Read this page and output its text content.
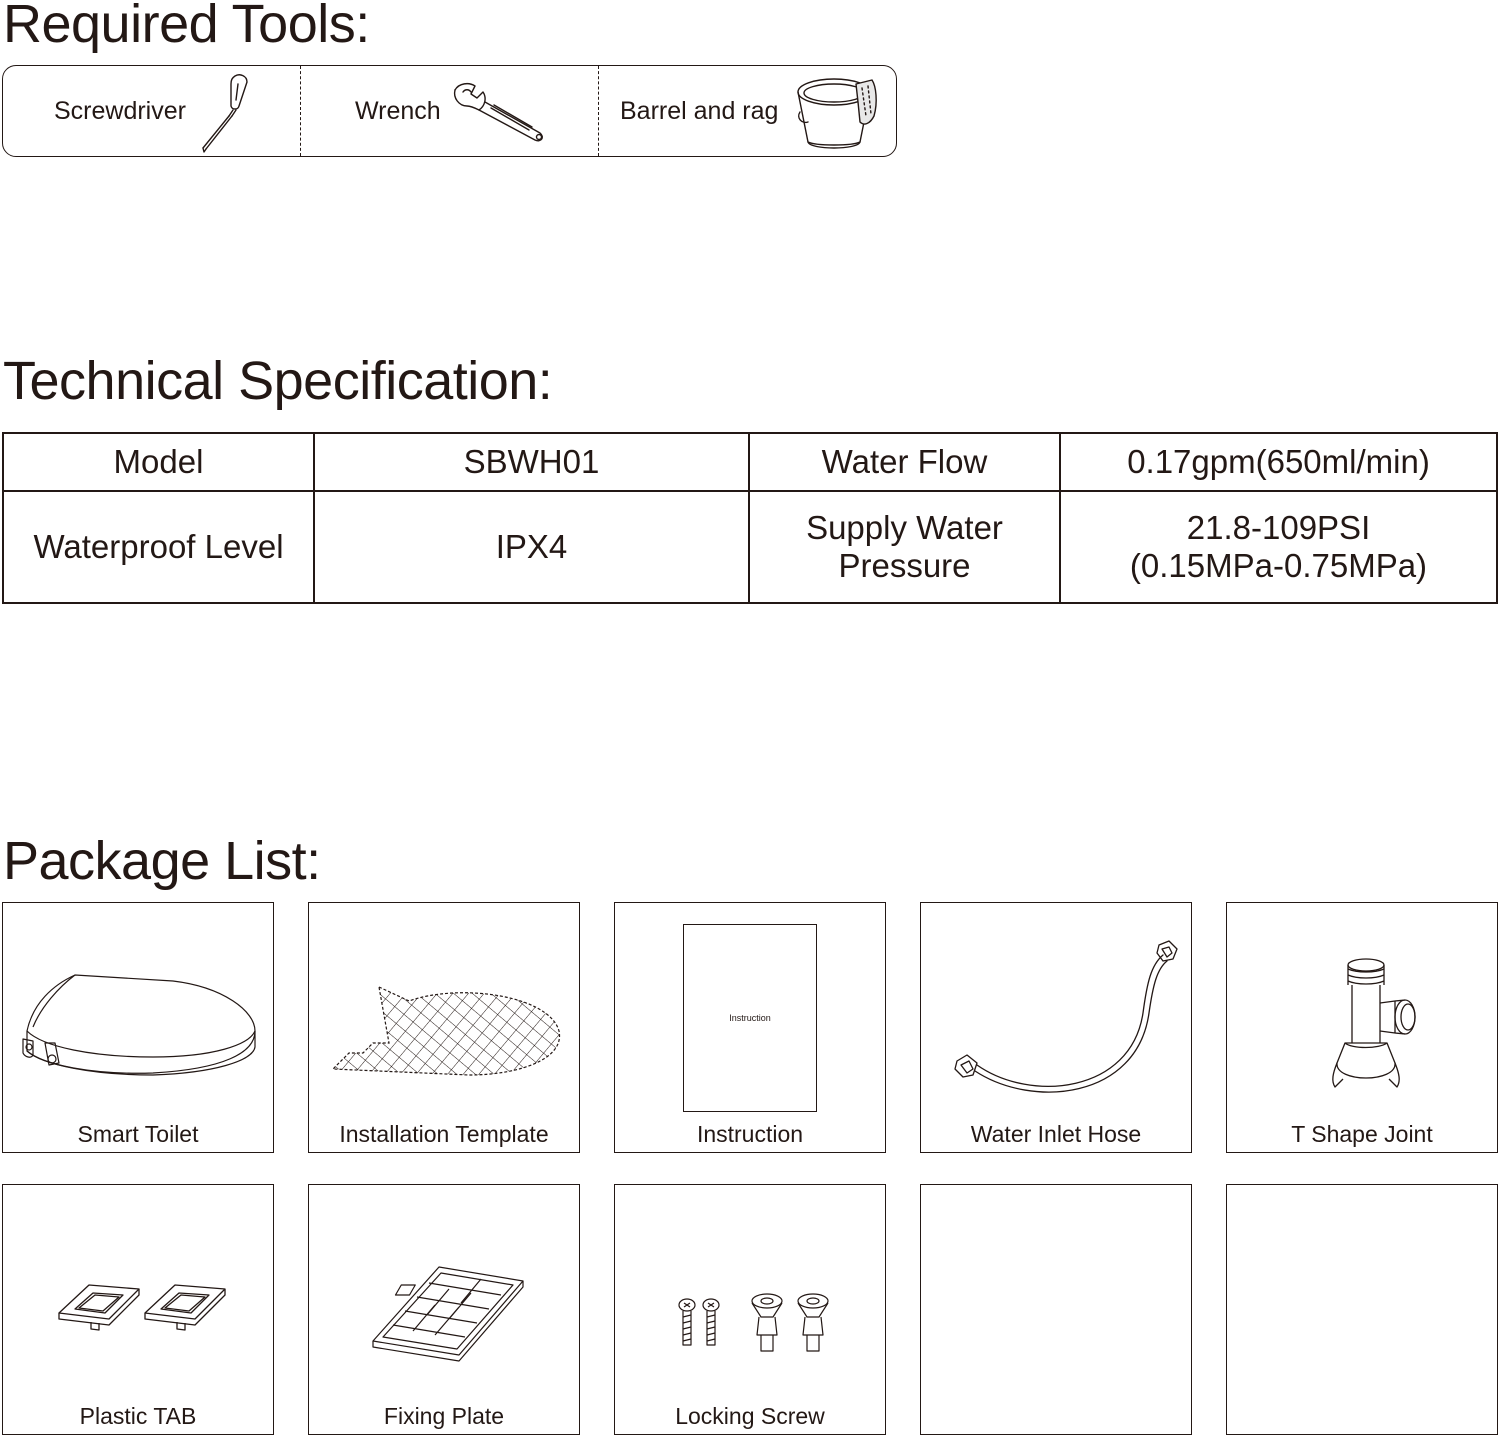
Required Tools:
Screwdriver	Wrench	Barrel and rag
Technical Specification:
Model	SBWH01	Water Flow	0.17gpm(650ml/min)
Waterproof Level	IPX4	Supply Water Pressure	21.8-109PSI
(0.15MPa-0.75MPa)
Package List:
Smart Toilet	Installation Template
Instruction
Instruction	Water Inlet Hose	T Shape Joint
Plastic TAB	Fixing Plate	Locking Screw
